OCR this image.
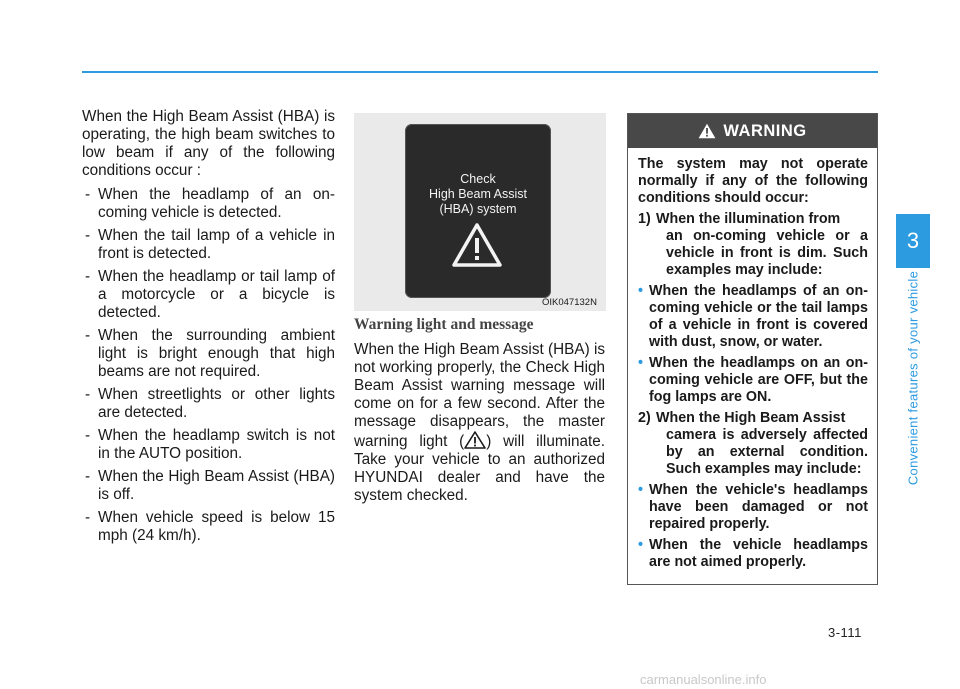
When the High Beam Assist (HBA) is operating, the high beam switches to low beam if any of the following conditions occur :

- When the headlamp of an on-coming vehicle is detected.
- When the tail lamp of a vehicle in front is detected.
- When the headlamp or tail lamp of a motorcycle or a bicycle is detected.
- When the surrounding ambient light is bright enough that high beams are not required.
- When streetlights or other lights are detected.
- When the headlamp switch is not in the AUTO position.
- When the High Beam Assist (HBA) is off.
- When vehicle speed is below 15 mph (24 km/h).
Check
High Beam Assist
(HBA) system
OIK047132N
Warning light and message

When the High Beam Assist (HBA) is not working properly, the Check High Beam Assist warning message will come on for a few second. After the message disappears, the master warning light ( ) will illuminate. Take your vehicle to an authorized HYUNDAI dealer and have the system checked.

WARNING

The system may not operate normally if any of the following conditions should occur:

1) When the illumination from
an on-coming vehicle or a vehicle in front is dim. Such examples may include:
• When the headlamps of an on-coming vehicle or the tail lamps of a vehicle in front is covered with dust, snow, or water.
• When the headlamps on an on-coming vehicle are OFF, but the fog lamps are ON.
2) When the High Beam Assist
camera is adversely affected by an external condition. Such examples may include:
• When the vehicle's headlamps have been damaged or not repaired properly.
• When the vehicle headlamps are not aimed properly.
3
Convenient features of your vehicle
3-111
carmanualsonline.info
